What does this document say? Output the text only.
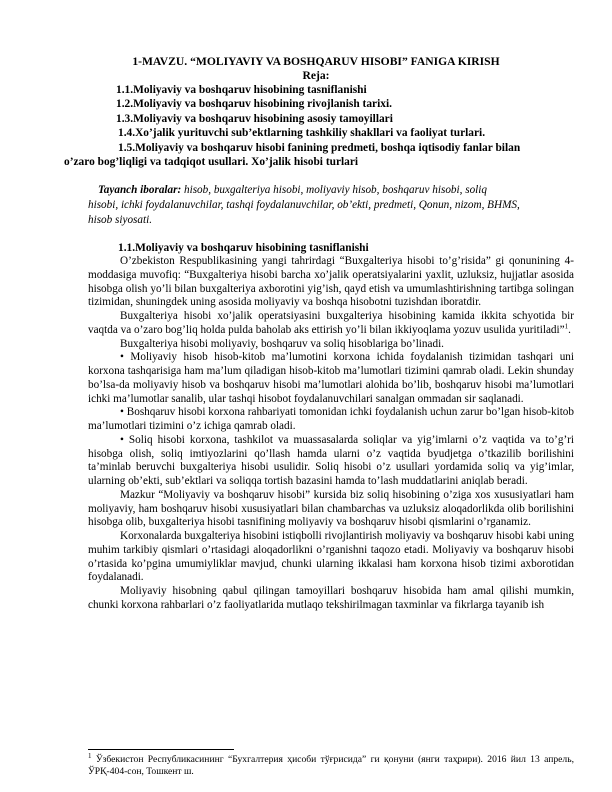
1-MAVZU. “MOLIYAVIY VA BOSHQARUV HISOBI” FANIGA KIRISH
Reja:
1.1.Moliyaviy va boshqaruv hisobining tasniflanishi
1.2.Moliyaviy va boshqaruv hisobining rivojlanish tarixi.
1.3.Moliyaviy va boshqaruv hisobining asosiy tamoyillari
1.4.Xo’jalik yurituvchi sub’ektlarning tashkiliy shakllari va faoliyat turlari.
1.5.Moliyaviy va boshqaruv hisobi fanining predmeti, boshqa iqtisodiy fanlar bilan
o’zaro bog’liqligi va tadqiqot usullari. Xo’jalik hisobi turlari
Tayanch iboralar: hisob, buxgalteriya hisobi, moliyaviy hisob, boshqaruv hisobi, soliq
hisobi, ichki foydalanuvchilar, tashqi foydalanuvchilar, ob’ekti, predmeti, Qonun, nizom, BHMS,
hisob siyosati.
1.1.Moliyaviy va boshqaruv hisobining tasniflanishi

O’zbekiston Respublikasining yangi tahrirdagi “Buxgalteriya hisobi to’g’risida” gi qonunining 4-moddasiga muvofiq: “Buxgalteriya hisobi barcha xo’jalik operatsiyalarini yaxlit, uzluksiz, hujjatlar asosida hisobga olish yo’li bilan buxgalteriya axborotini yig’ish, qayd etish va umumlashtirishning tartibga solingan tizimidan, shuningdek uning asosida moliyaviy va boshqa hisobotni tuzishdan iboratdir.

Buxgalteriya hisobi xo’jalik operatsiyasini buxgalteriya hisobining kamida ikkita schyotida bir vaqtda va o’zaro bog’liq holda pulda baholab aks ettirish yo’li bilan ikkiyoqlama yozuv usulida yuritiladi”$^1$.

Buxgalteriya hisobi moliyaviy, boshqaruv va soliq hisoblariga bo’linadi.

• Moliyaviy hisob hisob-kitob ma’lumotini korxona ichida foydalanish tizimidan tashqari uni korxona tashqarisiga ham ma’lum qiladigan hisob-kitob ma’lumotlari tizimini qamrab oladi. Lekin shunday bo’lsa-da moliyaviy hisob va boshqaruv hisobi ma’lumotlari alohida bo’lib, boshqaruv hisobi ma’lumotlari ichki ma’lumotlar sanalib, ular tashqi hisobot foydalanuvchilari sanalgan ommadan sir saqlanadi.

• Boshqaruv hisobi korxona rahbariyati tomonidan ichki foydalanish uchun zarur bo’lgan hisob-kitob ma’lumotlari tizimini o’z ichiga qamrab oladi.

• Soliq hisobi korxona, tashkilot va muassasalarda soliqlar va yig’imlarni o’z vaqtida va to’g’ri hisobga olish, soliq imtiyozlarini qo’llash hamda ularni o’z vaqtida byudjetga o’tkazilib borilishini ta’minlab beruvchi buxgalteriya hisobi usulidir. Soliq hisobi o’z usullari yordamida soliq va yig’imlar, ularning ob’ekti, sub’ektlari va soliqqa tortish bazasini hamda to’lash muddatlarini aniqlab beradi.

Mazkur “Moliyaviy va boshqaruv hisobi” kursida biz soliq hisobining o’ziga xos xususiyatlari ham moliyaviy, ham boshqaruv hisobi xususiyatlari bilan chambarchas va uzluksiz aloqadorlikda olib borilishini hisobga olib, buxgalteriya hisobi tasnifining moliyaviy va boshqaruv hisobi qismlarini o’rganamiz.

Korxonalarda buxgalteriya hisobini istiqbolli rivojlantirish moliyaviy va boshqaruv hisobi kabi uning muhim tarkibiy qismlari o’rtasidagi aloqadorlikni o’rganishni taqozo etadi. Moliyaviy va boshqaruv hisobi o’rtasida ko’pgina umumiyliklar mavjud, chunki ularning ikkalasi ham korxona hisob tizimi axborotidan foydalanadi.

Moliyaviy hisobning qabul qilingan tamoyillari boshqaruv hisobida ham amal qilishi mumkin, chunki korxona rahbarlari o’z faoliyatlarida mutlaqo tekshirilmagan taxminlar va fikrlarga tayanib ish

$^1$ Ўзбекистон Республикасининг “Бухгалтерия ҳисоби тўғрисида” ги қонуни (янги таҳрири). 2016 йил 13 апрель, ЎРҚ-404-сон, Тошкент ш.
